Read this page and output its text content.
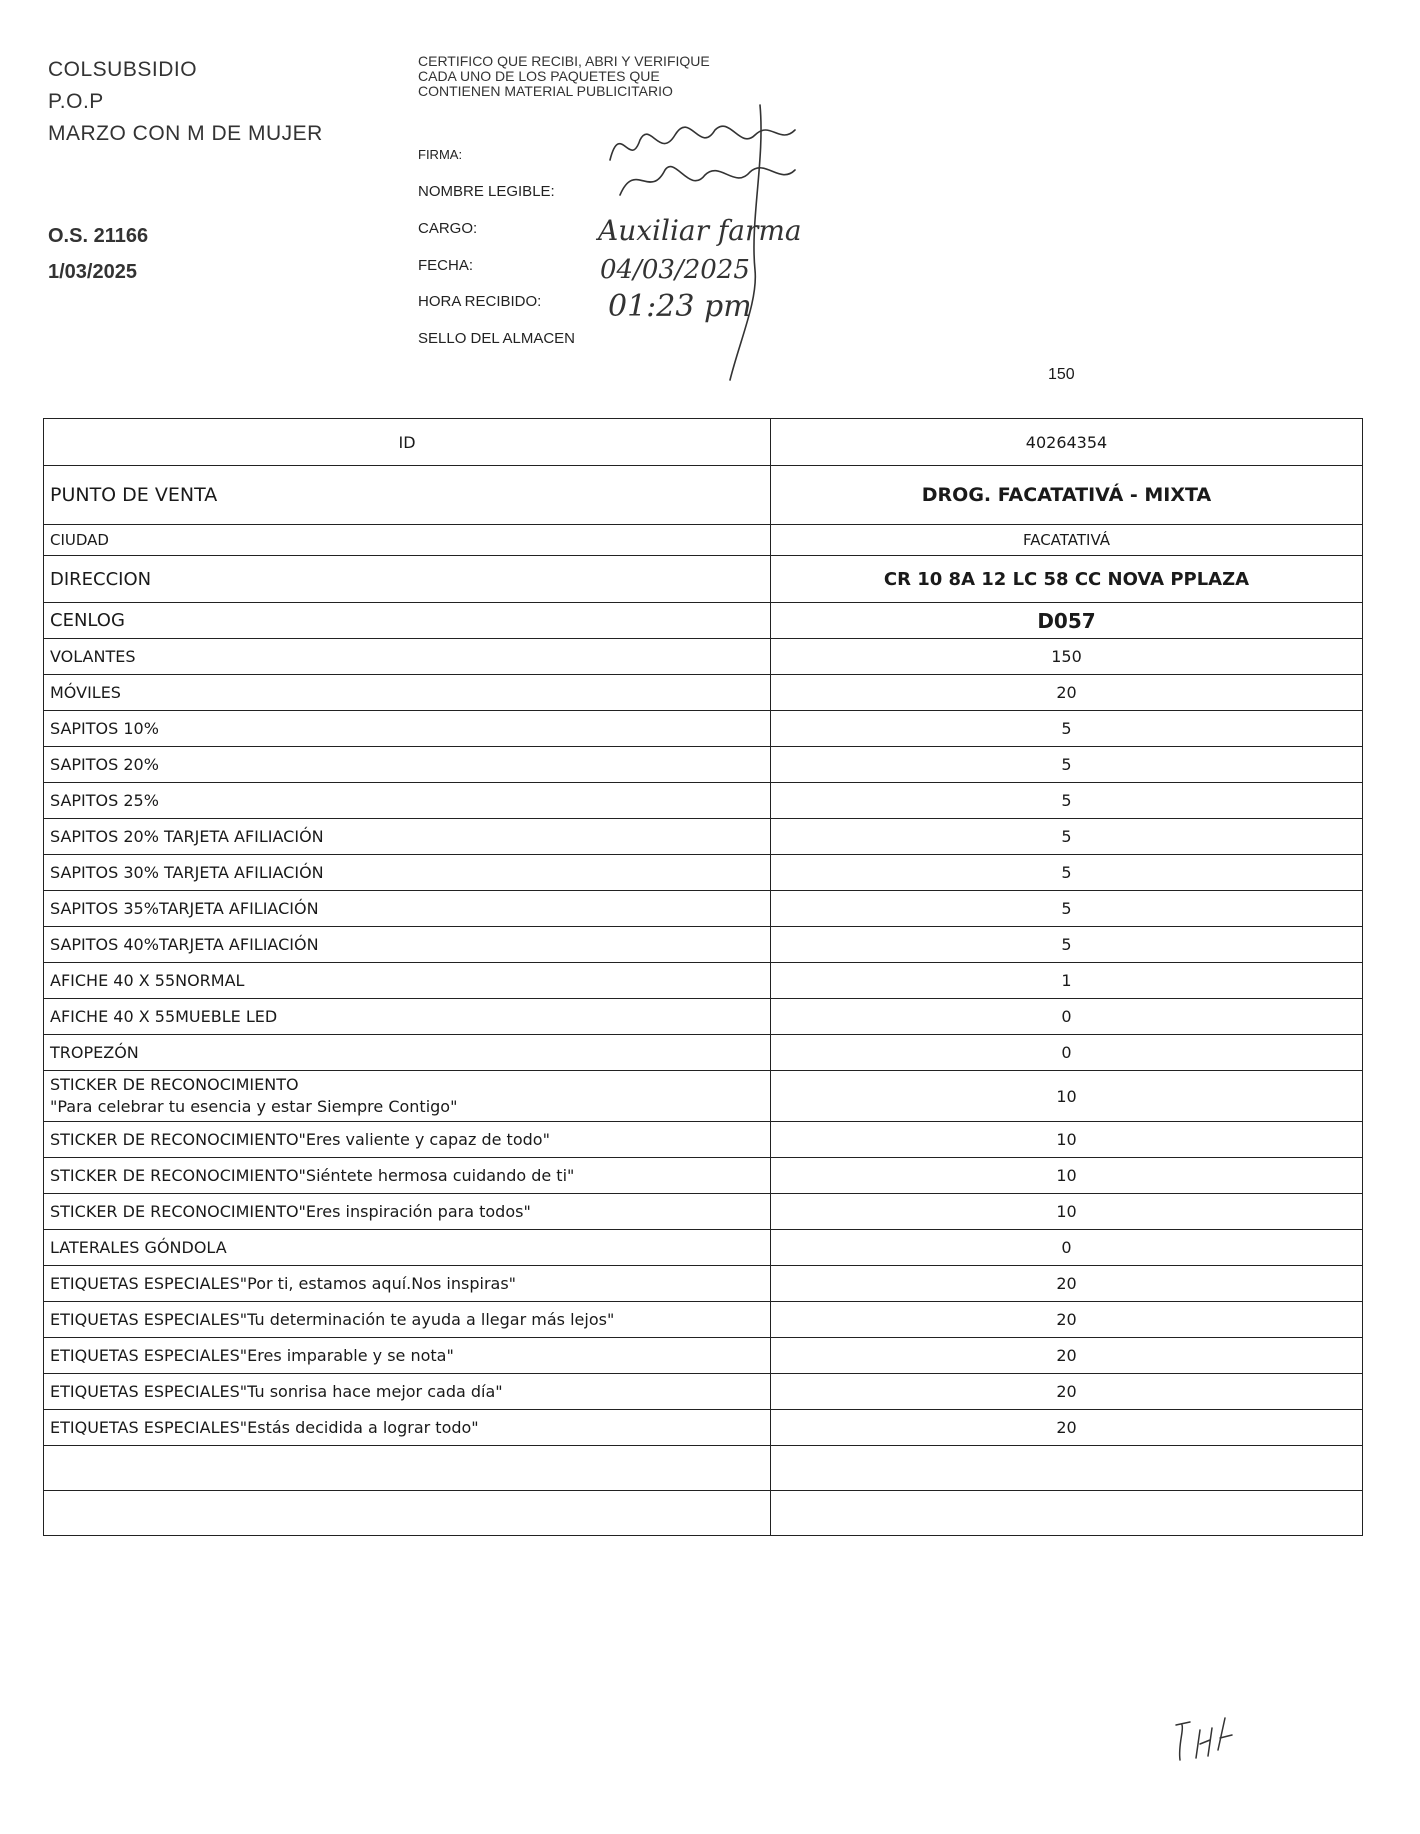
COLSUBSIDIO
P.O.P
MARZO CON M DE MUJER
O.S. 21166
1/03/2025
CERTIFICO QUE RECIBI, ABRI Y VERIFIQUE CADA UNO DE LOS PAQUETES QUE CONTIENEN MATERIAL PUBLICITARIO
FIRMA:
NOMBRE LEGIBLE:
CARGO:
FECHA:
HORA RECIBIDO:
SELLO DEL ALMACEN
Auxiliar farma
04/03/2025
01:23 pm
150
ID	40264354
PUNTO DE VENTA	DROG. FACATATIVÁ - MIXTA
CIUDAD	FACATATIVÁ
DIRECCION	CR 10 8A 12 LC 58 CC NOVA PPLAZA
CENLOG	D057
VOLANTES	150
MÓVILES	20
SAPITOS 10%	5
SAPITOS 20%	5
SAPITOS 25%	5
SAPITOS 20% TARJETA AFILIACIÓN	5
SAPITOS 30% TARJETA AFILIACIÓN	5
SAPITOS 35%TARJETA AFILIACIÓN	5
SAPITOS 40%TARJETA AFILIACIÓN	5
AFICHE 40 X 55NORMAL	1
AFICHE 40 X 55MUEBLE LED	0
TROPEZÓN	0

STICKER DE RECONOCIMIENTO
"Para celebrar tu esencia y estar Siempre Contigo"	10
STICKER DE RECONOCIMIENTO"Eres valiente y capaz de todo"	10
STICKER DE RECONOCIMIENTO"Siéntete hermosa cuidando de ti"	10
STICKER DE RECONOCIMIENTO"Eres inspiración para todos"	10
LATERALES GÓNDOLA	0
ETIQUETAS ESPECIALES"Por ti, estamos aquí.Nos inspiras"	20
ETIQUETAS ESPECIALES"Tu determinación te ayuda a llegar más lejos"	20
ETIQUETAS ESPECIALES"Eres imparable y se nota"	20
ETIQUETAS ESPECIALES"Tu sonrisa hace mejor cada día"	20
ETIQUETAS ESPECIALES"Estás decidida a lograr todo"	20
